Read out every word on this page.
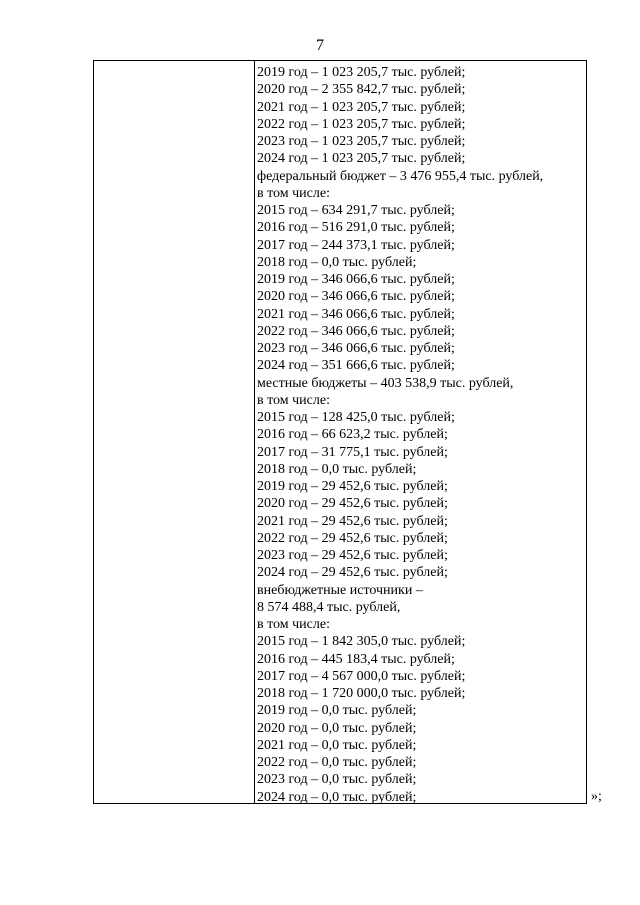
7
2019 год – 1 023 205,7 тыс. рублей;
2020 год – 2 355 842,7 тыс. рублей;
2021 год – 1 023 205,7 тыс. рублей;
2022 год – 1 023 205,7 тыс. рублей;
2023 год – 1 023 205,7 тыс. рублей;
2024 год – 1 023 205,7 тыс. рублей;
федеральный бюджет – 3 476 955,4 тыс. рублей,
в том числе:
2015 год – 634 291,7 тыс. рублей;
2016 год – 516 291,0 тыс. рублей;
2017 год – 244 373,1 тыс. рублей;
2018 год – 0,0 тыс. рублей;
2019 год – 346 066,6 тыс. рублей;
2020 год – 346 066,6 тыс. рублей;
2021 год – 346 066,6 тыс. рублей;
2022 год – 346 066,6 тыс. рублей;
2023 год – 346 066,6 тыс. рублей;
2024 год – 351 666,6 тыс. рублей;
местные бюджеты – 403 538,9 тыс. рублей,
в том числе:
2015 год – 128 425,0 тыс. рублей;
2016 год – 66 623,2 тыс. рублей;
2017 год – 31 775,1 тыс. рублей;
2018 год – 0,0 тыс. рублей;
2019 год – 29 452,6 тыс. рублей;
2020 год – 29 452,6 тыс. рублей;
2021 год – 29 452,6 тыс. рублей;
2022 год – 29 452,6 тыс. рублей;
2023 год – 29 452,6 тыс. рублей;
2024 год – 29 452,6 тыс. рублей;
внебюджетные источники –
8 574 488,4 тыс. рублей,
в том числе:
2015 год – 1 842 305,0 тыс. рублей;
2016 год – 445 183,4 тыс. рублей;
2017 год – 4 567 000,0 тыс. рублей;
2018 год – 1 720 000,0 тыс. рублей;
2019 год – 0,0 тыс. рублей;
2020 год – 0,0 тыс. рублей;
2021 год – 0,0 тыс. рублей;
2022 год – 0,0 тыс. рублей;
2023 год – 0,0 тыс. рублей;
2024 год – 0,0 тыс. рублей;	»;
